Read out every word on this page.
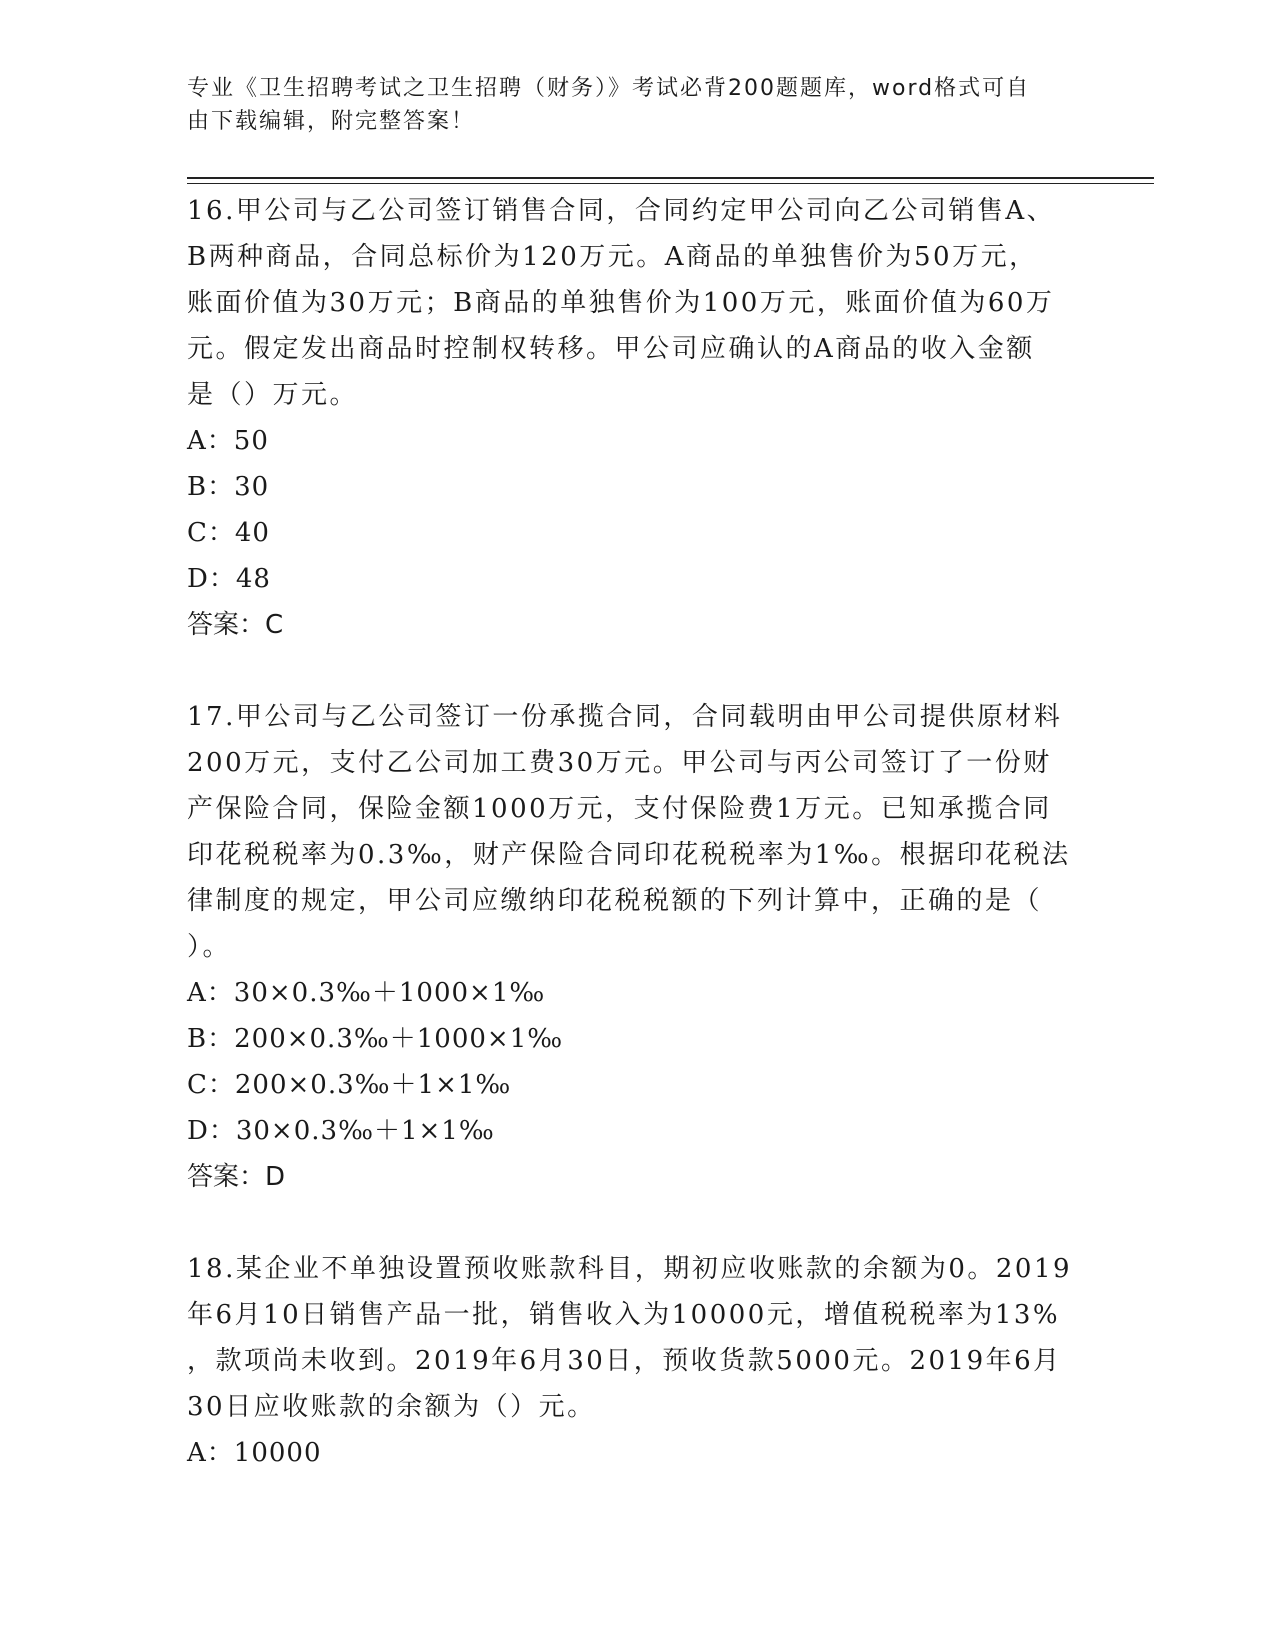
专业《卫生招聘考试之卫生招聘（财务）》考试必背200题题库，word格式可自
由下载编辑，附完整答案！

16.甲公司与乙公司签订销售合同，合同约定甲公司向乙公司销售A、

B两种商品，合同总标价为120万元。A商品的单独售价为50万元，

账面价值为30万元；B商品的单独售价为100万元，账面价值为60万

元。假定发出商品时控制权转移。甲公司应确认的A商品的收入金额

是（）万元。

A：50

B：30

C：40

D：48

答案：C

17.甲公司与乙公司签订一份承揽合同，合同载明由甲公司提供原材料

200万元，支付乙公司加工费30万元。甲公司与丙公司签订了一份财

产保险合同，保险金额1000万元，支付保险费1万元。已知承揽合同

印花税税率为0.3‰，财产保险合同印花税税率为1‰。根据印花税法

律制度的规定，甲公司应缴纳印花税税额的下列计算中，正确的是（

）。

A：30×0.3‰＋1000×1‰

B：200×0.3‰＋1000×1‰

C：200×0.3‰＋1×1‰

D：30×0.3‰＋1×1‰

答案：D

18.某企业不单独设置预收账款科目，期初应收账款的余额为0。2019

年6月10日销售产品一批，销售收入为10000元，增值税税率为13%

，款项尚未收到。2019年6月30日，预收货款5000元。2019年6月

30日应收账款的余额为（）元。

A：10000
